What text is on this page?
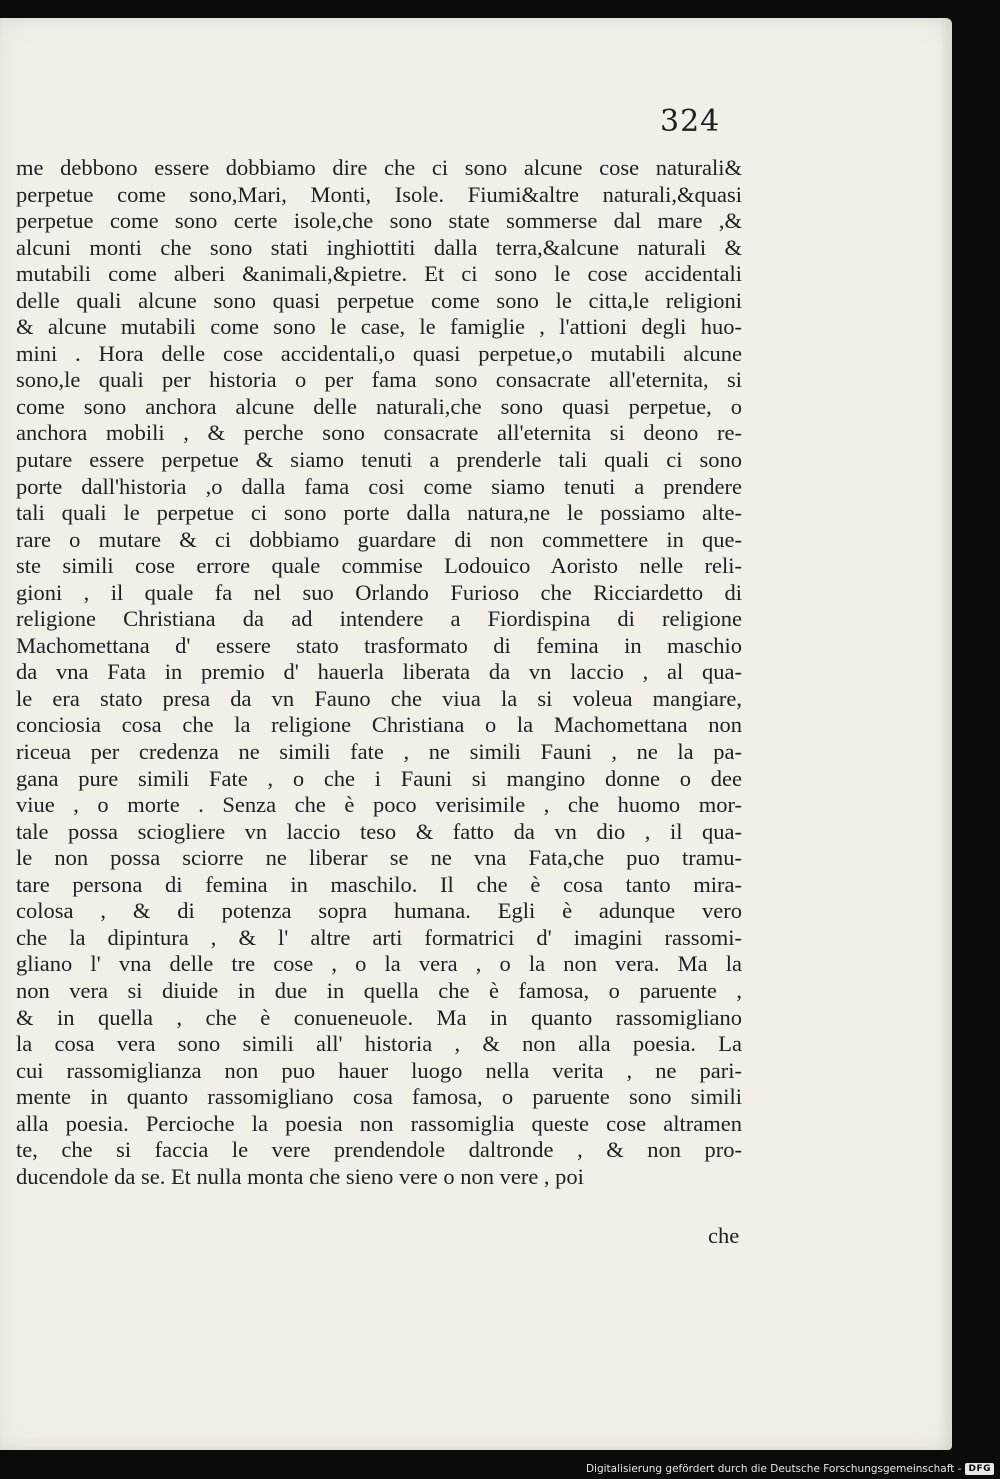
324
me debbono essere dobbiamo dire che ci sono alcune cose naturali&
perpetue come sono,Mari, Monti, Isole. Fiumi&altre naturali,&quasi
perpetue come sono certe isole,che sono state sommerse dal mare ,&
alcuni monti che sono stati inghiottiti dalla terra,&alcune naturali &
mutabili come alberi &animali,&pietre. Et ci sono le cose accidentali
delle quali alcune sono quasi perpetue come sono le citta,le religioni
& alcune mutabili come sono le case, le famiglie , l'attioni degli huo-
mini . Hora delle cose accidentali,o quasi perpetue,o mutabili alcune
sono,le quali per historia o per fama sono consacrate all'eternita, si
come sono anchora alcune delle naturali,che sono quasi perpetue, o
anchora mobili , & perche sono consacrate all'eternita si deono re-
putare essere perpetue & siamo tenuti a prenderle tali quali ci sono
porte dall'historia ,o dalla fama cosi come siamo tenuti a prendere
tali quali le perpetue ci sono porte dalla natura,ne le possiamo alte-
rare o mutare & ci dobbiamo guardare di non commettere in que-
ste simili cose errore quale commise Lodouico Aoristo nelle reli-
gioni , il quale fa nel suo Orlando Furioso che Ricciardetto di
religione Christiana da ad intendere a Fiordispina di religione
Machomettana d' essere stato trasformato di femina in maschio
da vna Fata in premio d' hauerla liberata da vn laccio , al qua-
le era stato presa da vn Fauno che viua la si voleua mangiare,
conciosia cosa che la religione Christiana o la Machomettana non
riceua per credenza ne simili fate , ne simili Fauni , ne la pa-
gana pure simili Fate , o che i Fauni si mangino donne o dee
viue , o morte . Senza che è poco verisimile , che huomo mor-
tale possa sciogliere vn laccio teso & fatto da vn dio , il qua-
le non possa sciorre ne liberar se ne vna Fata,che puo tramu-
tare persona di femina in maschilo. Il che è cosa tanto mira-
colosa , & di potenza sopra humana. Egli è adunque vero
che la dipintura , & l' altre arti formatrici d' imagini rassomi-
gliano l' vna delle tre cose , o la vera , o la non vera. Ma la
non vera si diuide in due in quella che è famosa, o paruente ,
& in quella , che è conueneuole. Ma in quanto rassomigliano
la cosa vera sono simili all' historia , & non alla poesia. La
cui rassomiglianza non puo hauer luogo nella verita , ne pari-
mente in quanto rassomigliano cosa famosa, o paruente sono simili
alla poesia. Percioche la poesia non rassomiglia queste cose altramen
te, che si faccia le vere prendendole daltronde , & non pro-
ducendole da se. Et nulla monta che sieno vere o non vere , poi
che
Digitalisierung gefördert durch die Deutsche Forschungsgemeinschaft - DFG
